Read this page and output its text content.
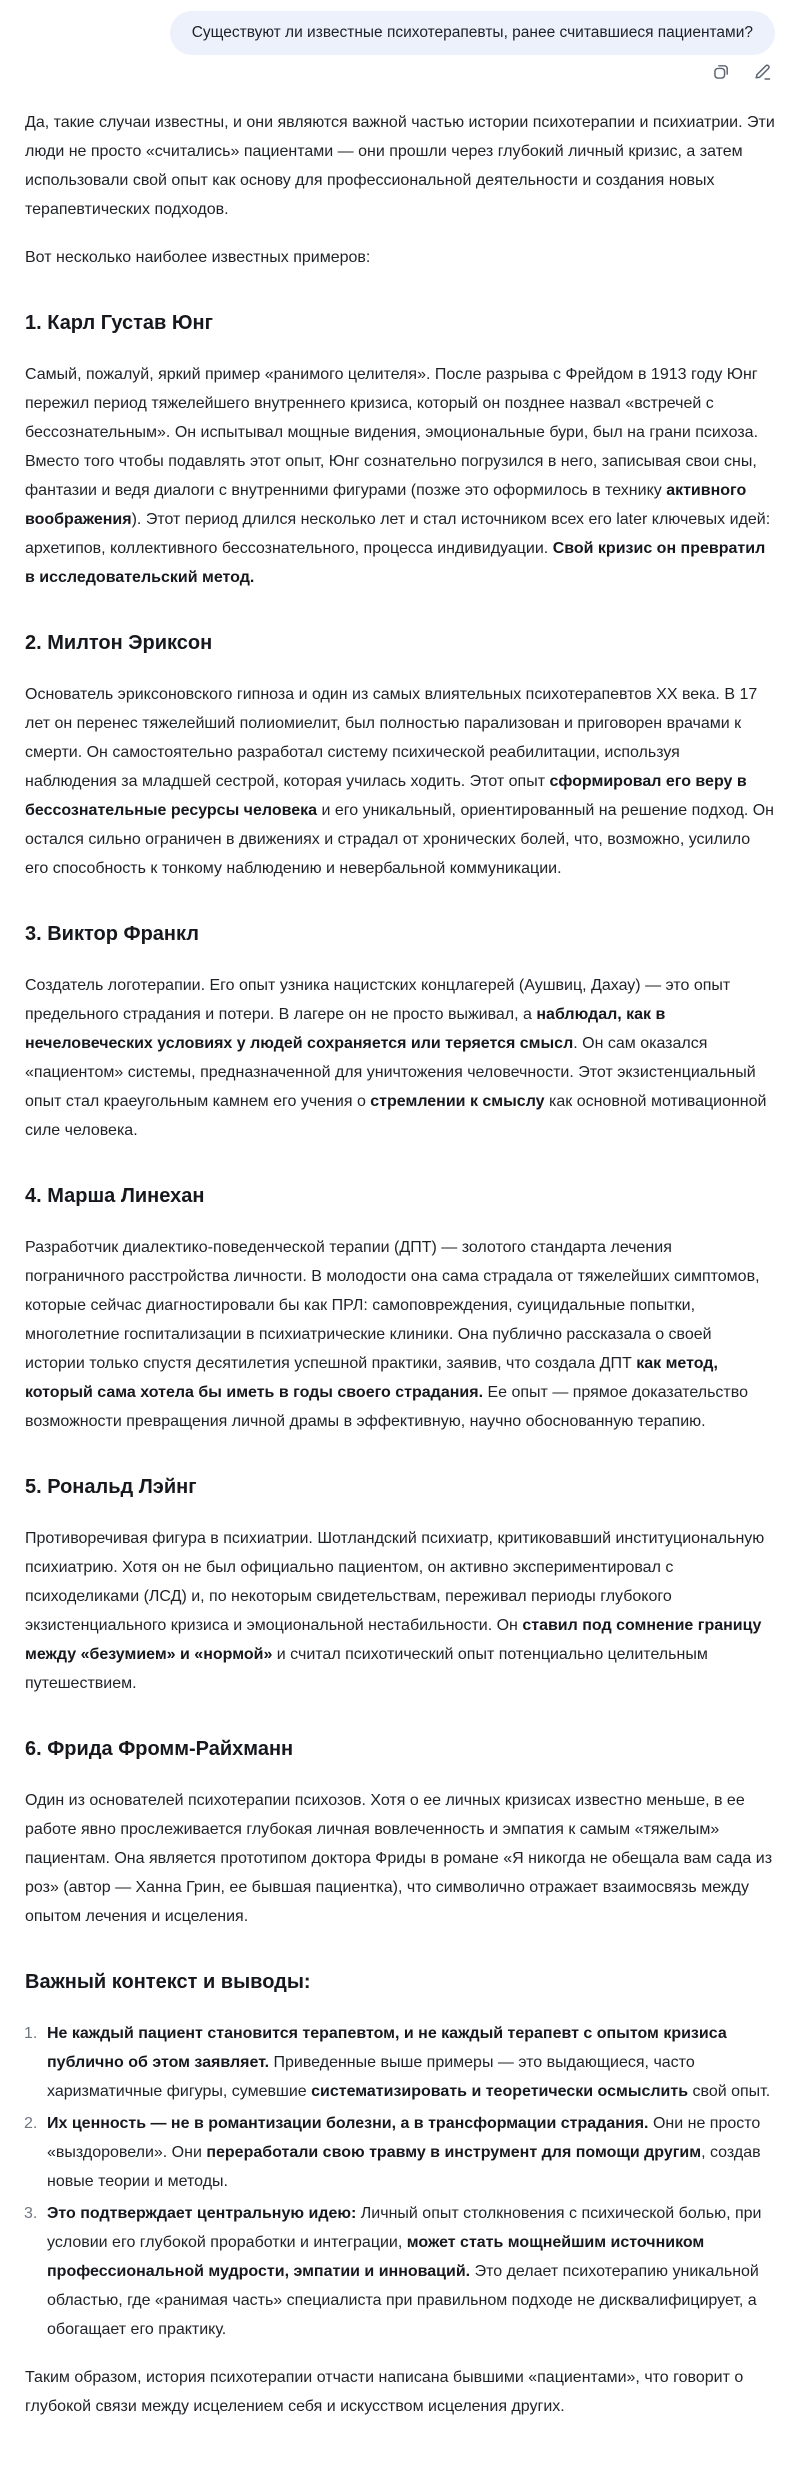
Существуют ли известные психотерапевты, ранее считавшиеся пациентами?

Да, такие случаи известны, и они являются важной частью истории психотерапии и психиатрии. Эти люди не просто «считались» пациентами — они прошли через глубокий личный кризис, а затем использовали свой опыт как основу для профессиональной деятельности и создания новых терапевтических подходов.

Вот несколько наиболее известных примеров:

1. Карл Густав Юнг

Самый, пожалуй, яркий пример «ранимого целителя». После разрыва с Фрейдом в 1913 году Юнг пережил период тяжелейшего внутреннего кризиса, который он позднее назвал «встречей с бессознательным». Он испытывал мощные видения, эмоциональные бури, был на грани психоза. Вместо того чтобы подавлять этот опыт, Юнг сознательно погрузился в него, записывая свои сны, фантазии и ведя диалоги с внутренними фигурами (позже это оформилось в технику активного воображения). Этот период длился несколько лет и стал источником всех его later ключевых идей: архетипов, коллективного бессознательного, процесса индивидуации. Свой кризис он превратил в исследовательский метод.

2. Милтон Эриксон

Основатель эриксоновского гипноза и один из самых влиятельных психотерапевтов XX века. В 17 лет он перенес тяжелейший полиомиелит, был полностью парализован и приговорен врачами к смерти. Он самостоятельно разработал систему психической реабилитации, используя наблюдения за младшей сестрой, которая училась ходить. Этот опыт сформировал его веру в бессознательные ресурсы человека и его уникальный, ориентированный на решение подход. Он остался сильно ограничен в движениях и страдал от хронических болей, что, возможно, усилило его способность к тонкому наблюдению и невербальной коммуникации.

3. Виктор Франкл

Создатель логотерапии. Его опыт узника нацистских концлагерей (Аушвиц, Дахау) — это опыт предельного страдания и потери. В лагере он не просто выживал, а наблюдал, как в нечеловеческих условиях у людей сохраняется или теряется смысл. Он сам оказался «пациентом» системы, предназначенной для уничтожения человечности. Этот экзистенциальный опыт стал краеугольным камнем его учения о стремлении к смыслу как основной мотивационной силе человека.

4. Марша Линехан

Разработчик диалектико-поведенческой терапии (ДПТ) — золотого стандарта лечения пограничного расстройства личности. В молодости она сама страдала от тяжелейших симптомов, которые сейчас диагностировали бы как ПРЛ: самоповреждения, суицидальные попытки, многолетние госпитализации в психиатрические клиники. Она публично рассказала о своей истории только спустя десятилетия успешной практики, заявив, что создала ДПТ как метод, который сама хотела бы иметь в годы своего страдания. Ее опыт — прямое доказательство возможности превращения личной драмы в эффективную, научно обоснованную терапию.

5. Рональд Лэйнг

Противоречивая фигура в психиатрии. Шотландский психиатр, критиковавший институциональную психиатрию. Хотя он не был официально пациентом, он активно экспериментировал с психоделиками (ЛСД) и, по некоторым свидетельствам, переживал периоды глубокого экзистенциального кризиса и эмоциональной нестабильности. Он ставил под сомнение границу между «безумием» и «нормой» и считал психотический опыт потенциально целительным путешествием.

6. Фрида Фромм-Райхманн

Один из основателей психотерапии психозов. Хотя о ее личных кризисах известно меньше, в ее работе явно прослеживается глубокая личная вовлеченность и эмпатия к самым «тяжелым» пациентам. Она является прототипом доктора Фриды в романе «Я никогда не обещала вам сада из роз» (автор — Ханна Грин, ее бывшая пациентка), что символично отражает взаимосвязь между опытом лечения и исцеления.

Важный контекст и выводы:
Не каждый пациент становится терапевтом, и не каждый терапевт с опытом кризиса публично об этом заявляет. Приведенные выше примеры — это выдающиеся, часто харизматичные фигуры, сумевшие систематизировать и теоретически осмыслить свой опыт.
Их ценность — не в романтизации болезни, а в трансформации страдания. Они не просто «выздоровели». Они переработали свою травму в инструмент для помощи другим, создав новые теории и методы.
Это подтверждает центральную идею: Личный опыт столкновения с психической болью, при условии его глубокой проработки и интеграции, может стать мощнейшим источником профессиональной мудрости, эмпатии и инноваций. Это делает психотерапию уникальной областью, где «ранимая часть» специалиста при правильном подходе не дисквалифицирует, а обогащает его практику.

Таким образом, история психотерапии отчасти написана бывшими «пациентами», что говорит о глубокой связи между исцелением себя и искусством исцеления других.
